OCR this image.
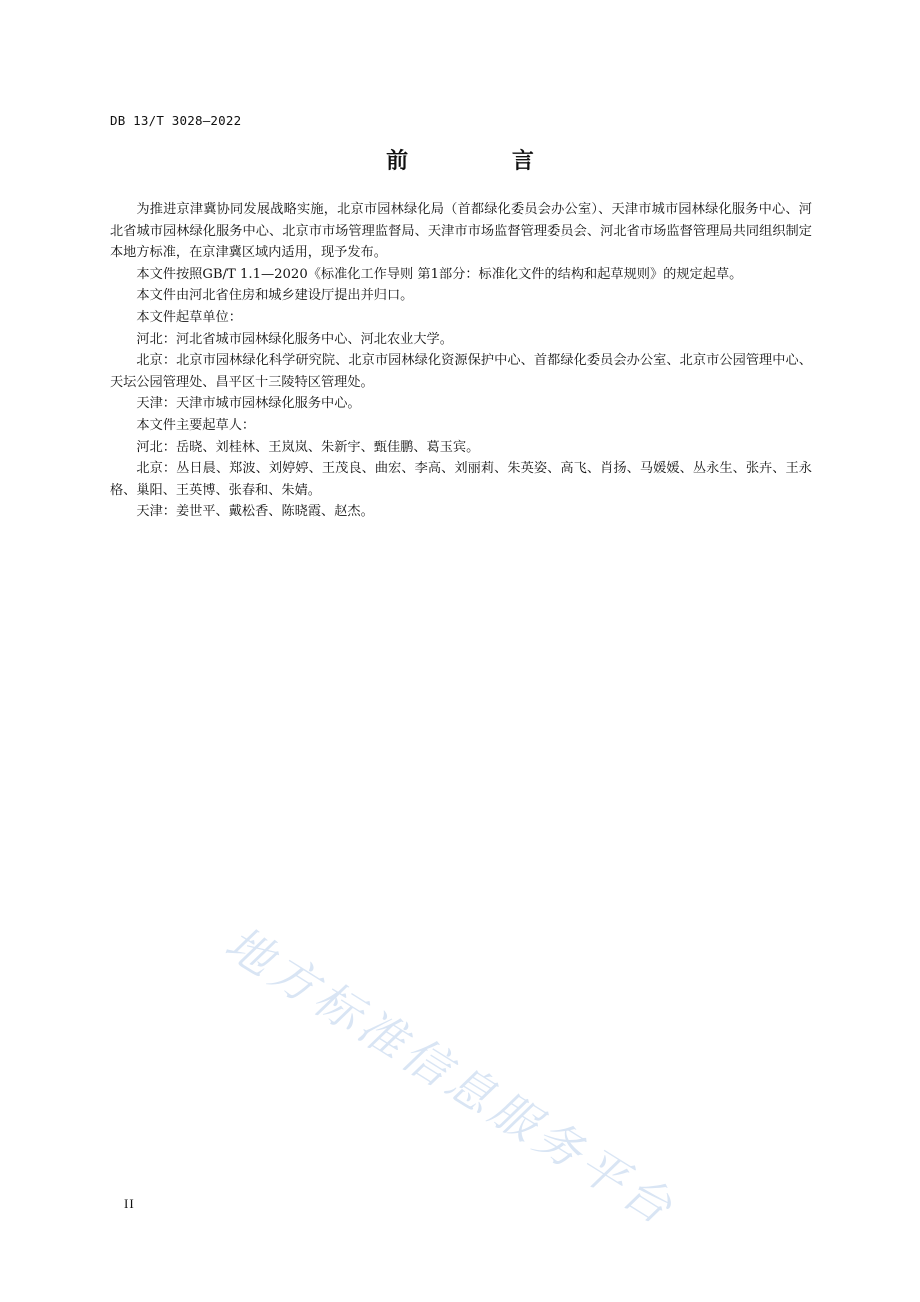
DB 13/T 3028—2022
前 言

为推进京津冀协同发展战略实施，北京市园林绿化局（首都绿化委员会办公室）、天津市城市园林绿化服务中心、河北省城市园林绿化服务中心、北京市市场管理监督局、天津市市场监督管理委员会、河北省市场监督管理局共同组织制定本地方标准，在京津冀区域内适用，现予发布。

本文件按照GB/T 1.1—2020《标准化工作导则 第1部分：标准化文件的结构和起草规则》的规定起草。

本文件由河北省住房和城乡建设厅提出并归口。

本文件起草单位：

河北：河北省城市园林绿化服务中心、河北农业大学。

北京：北京市园林绿化科学研究院、北京市园林绿化资源保护中心、首都绿化委员会办公室、北京市公园管理中心、天坛公园管理处、昌平区十三陵特区管理处。

天津：天津市城市园林绿化服务中心。

本文件主要起草人：

河北：岳晓、刘桂林、王岚岚、朱新宇、甄佳鹏、葛玉宾。

北京：丛日晨、郑波、刘婷婷、王茂良、曲宏、李高、刘丽莉、朱英姿、高飞、肖扬、马媛媛、丛永生、张卉、王永格、巢阳、王英博、张春和、朱婧。

天津：姜世平、戴松香、陈晓霞、赵杰。

地方标准信息服务平台
II
